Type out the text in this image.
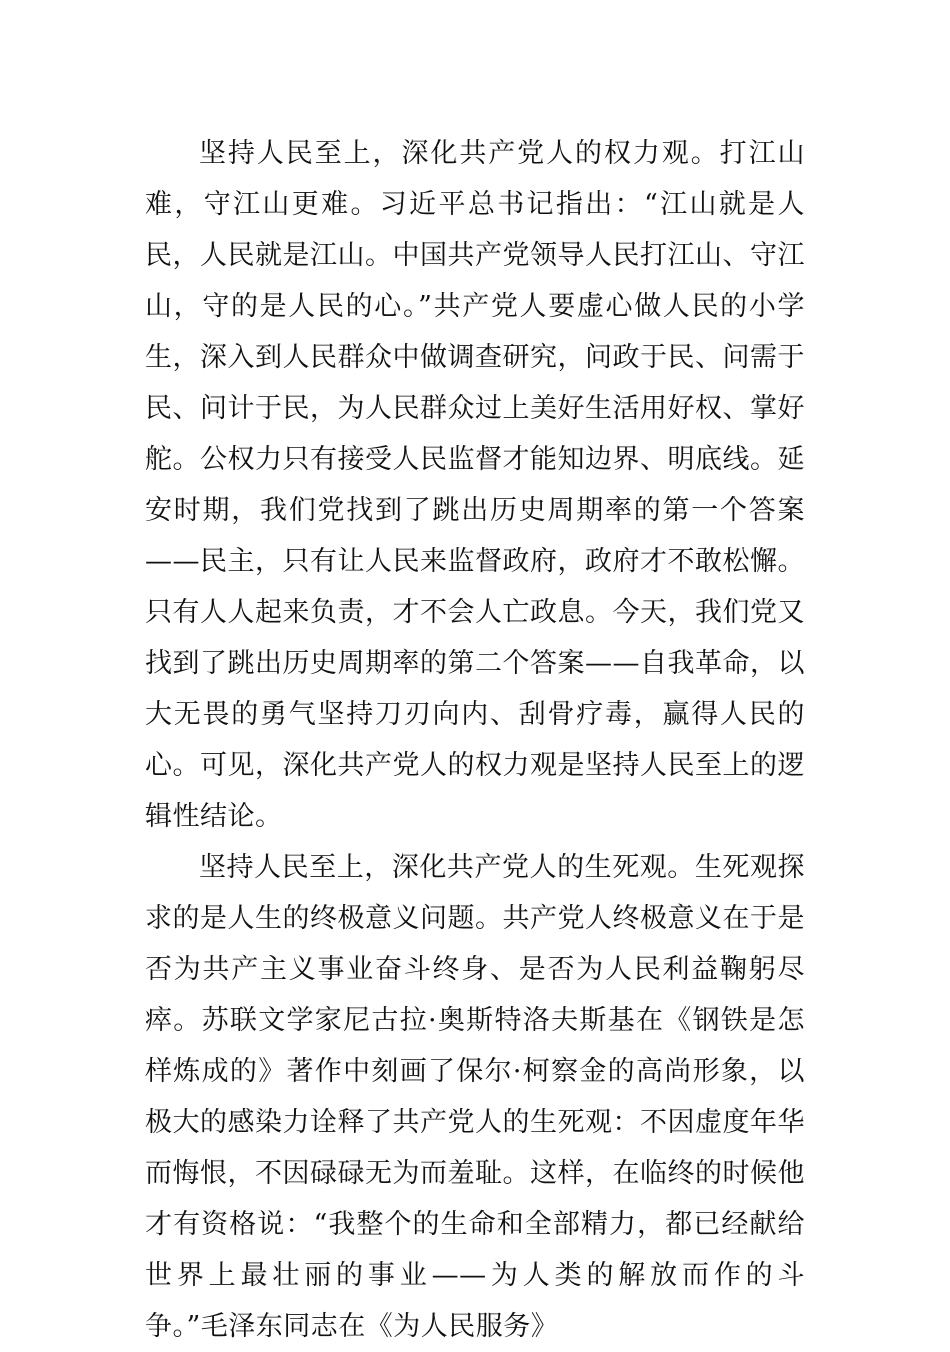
坚持人民至上，深化共产党人的权力观。打江山难，守江山更难。习近平总书记指出：“江山就是人民，人民就是江山。中国共产党领导人民打江山、守江山，守的是人民的心。”共产党人要虚心做人民的小学生，深入到人民群众中做调查研究，问政于民、问需于民、问计于民，为人民群众过上美好生活用好权、掌好舵。公权力只有接受人民监督才能知边界、明底线。延安时期，我们党找到了跳出历史周期率的第一个答案——民主，只有让人民来监督政府，政府才不敢松懈。只有人人起来负责，才不会人亡政息。今天，我们党又找到了跳出历史周期率的第二个答案——自我革命，以大无畏的勇气坚持刀刃向内、刮骨疗毒，赢得人民的心。可见，深化共产党人的权力观是坚持人民至上的逻辑性结论。

坚持人民至上，深化共产党人的生死观。生死观探求的是人生的终极意义问题。共产党人终极意义在于是否为共产主义事业奋斗终身、是否为人民利益鞠躬尽瘁。苏联文学家尼古拉·奥斯特洛夫斯基在《钢铁是怎样炼成的》著作中刻画了保尔·柯察金的高尚形象，以极大的感染力诠释了共产党人的生死观：不因虚度年华而悔恨，不因碌碌无为而羞耻。这样，在临终的时候他才有资格说：“我整个的生命和全部精力，都已经献给世界上最壮丽的事业——为人类的解放而作的斗争。”毛泽东同志在《为人民服务》
